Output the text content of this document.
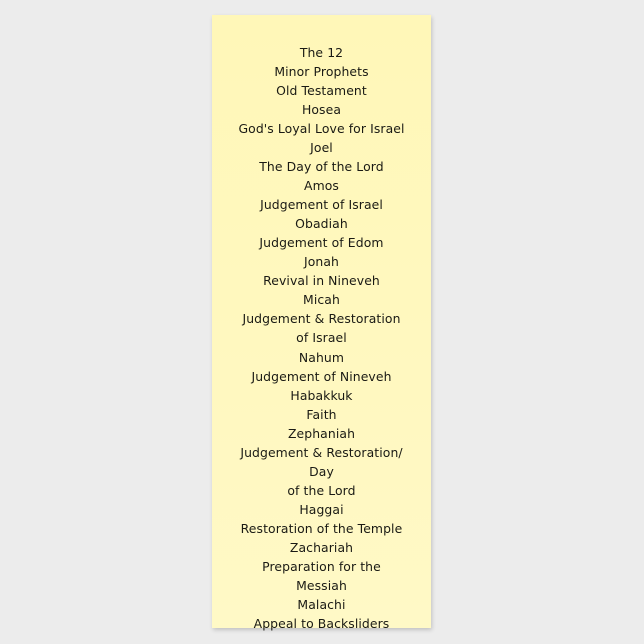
The 12
Minor Prophets
Old Testament
Hosea
God's Loyal Love for Israel
Joel
The Day of the Lord
Amos
Judgement of Israel
Obadiah
Judgement of Edom
Jonah
Revival in Nineveh
Micah
Judgement & Restoration
of Israel
Nahum
Judgement of Nineveh
Habakkuk
Faith
Zephaniah
Judgement & Restoration/
Day
of the Lord
Haggai
Restoration of the Temple
Zachariah
Preparation for the
Messiah
Malachi
Appeal to Backsliders
